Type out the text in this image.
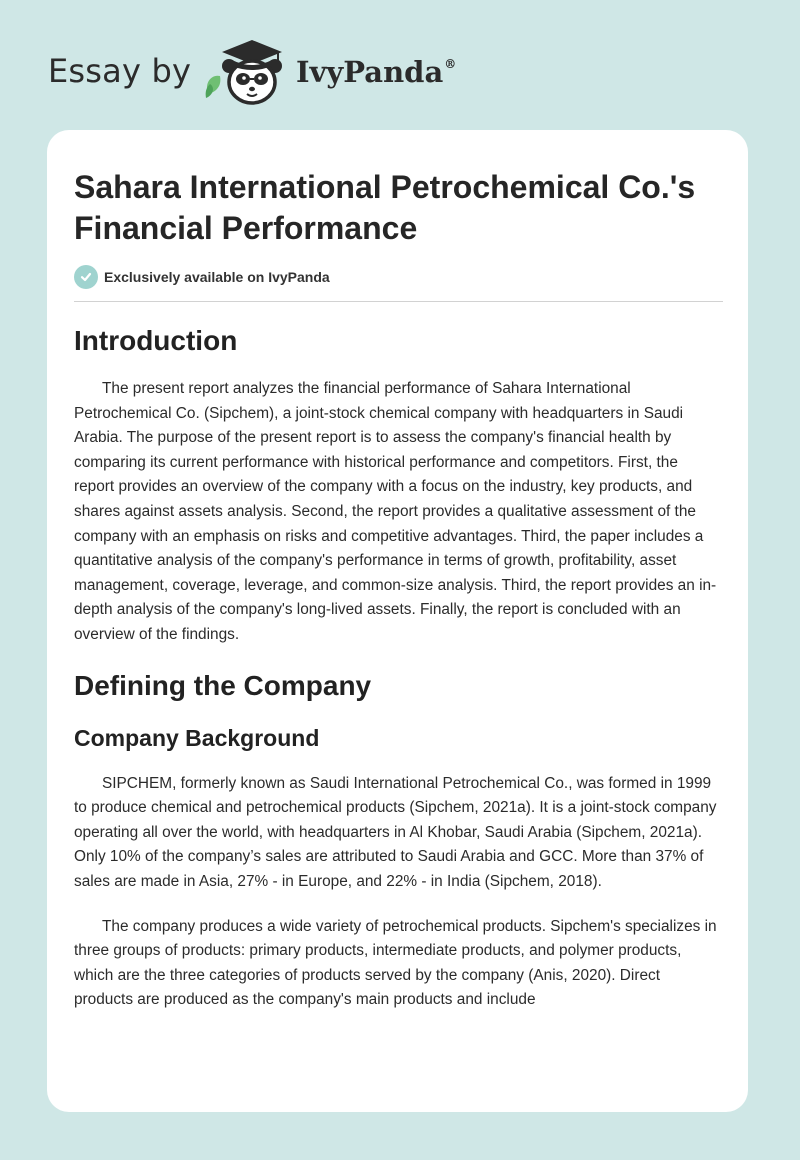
Essay by	IvyPanda®
Sahara International Petrochemical Co.'s Financial Performance
Exclusively available on IvyPanda
Introduction

The present report analyzes the financial performance of Sahara International Petrochemical Co. (Sipchem), a joint-stock chemical company with headquarters in Saudi Arabia. The purpose of the present report is to assess the company's financial health by comparing its current performance with historical performance and competitors. First, the report provides an overview of the company with a focus on the industry, key products, and shares against assets analysis. Second, the report provides a qualitative assessment of the company with an emphasis on risks and competitive advantages. Third, the paper includes a quantitative analysis of the company's performance in terms of growth, profitability, asset management, coverage, leverage, and common-size analysis. Third, the report provides an in-depth analysis of the company's long-lived assets. Finally, the report is concluded with an overview of the findings.

Defining the Company
Company Background

SIPCHEM, formerly known as Saudi International Petrochemical Co., was formed in 1999 to produce chemical and petrochemical products (Sipchem, 2021a). It is a joint-stock company operating all over the world, with headquarters in Al Khobar, Saudi Arabia (Sipchem, 2021a). Only 10% of the company’s sales are attributed to Saudi Arabia and GCC. More than 37% of sales are made in Asia, 27% - in Europe, and 22% - in India (Sipchem, 2018).

The company produces a wide variety of petrochemical products. Sipchem's specializes in three groups of products: primary products, intermediate products, and polymer products, which are the three categories of products served by the company (Anis, 2020). Direct products are produced as the company's main products and include
